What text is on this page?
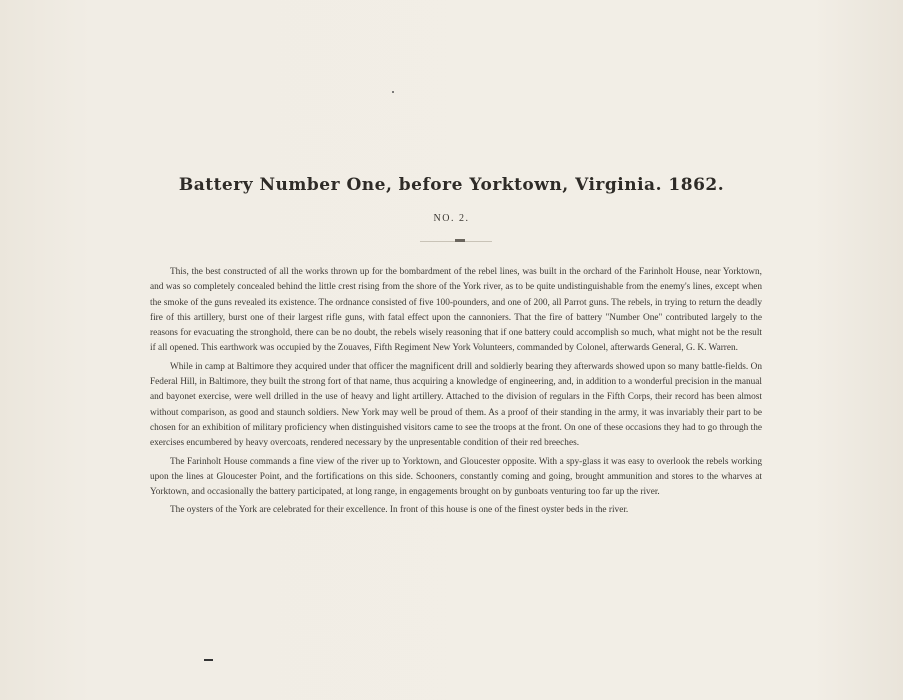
Battery Number One, before Yorktown, Virginia. 1862.
NO. 2.

This, the best constructed of all the works thrown up for the bombardment of the rebel lines, was built in the orchard of the Farinholt House, near Yorktown, and was so completely concealed behind the little crest rising from the shore of the York river, as to be quite undistinguishable from the enemy's lines, except when the smoke of the guns revealed its existence. The ordnance consisted of five 100-pounders, and one of 200, all Parrot guns. The rebels, in trying to return the deadly fire of this artillery, burst one of their largest rifle guns, with fatal effect upon the cannoniers. That the fire of battery "Number One" contributed largely to the reasons for evacuating the stronghold, there can be no doubt, the rebels wisely reasoning that if one battery could accomplish so much, what might not be the result if all opened. This earthwork was occupied by the Zouaves, Fifth Regiment New York Volunteers, commanded by Colonel, afterwards General, G. K. Warren.

While in camp at Baltimore they acquired under that officer the magnificent drill and soldierly bearing they afterwards showed upon so many battle-fields. On Federal Hill, in Baltimore, they built the strong fort of that name, thus acquiring a knowledge of engineering, and, in addition to a wonderful precision in the manual and bayonet exercise, were well drilled in the use of heavy and light artillery. Attached to the division of regulars in the Fifth Corps, their record has been almost without comparison, as good and staunch soldiers. New York may well be proud of them. As a proof of their standing in the army, it was invariably their part to be chosen for an exhibition of military proficiency when distinguished visitors came to see the troops at the front. On one of these occasions they had to go through the exercises encumbered by heavy overcoats, rendered necessary by the unpresentable condition of their red breeches.

The Farinholt House commands a fine view of the river up to Yorktown, and Gloucester opposite. With a spy-glass it was easy to overlook the rebels working upon the lines at Gloucester Point, and the fortifications on this side. Schooners, constantly coming and going, brought ammunition and stores to the wharves at Yorktown, and occasionally the battery participated, at long range, in engagements brought on by gunboats venturing too far up the river.

The oysters of the York are celebrated for their excellence. In front of this house is one of the finest oyster beds in the river.
